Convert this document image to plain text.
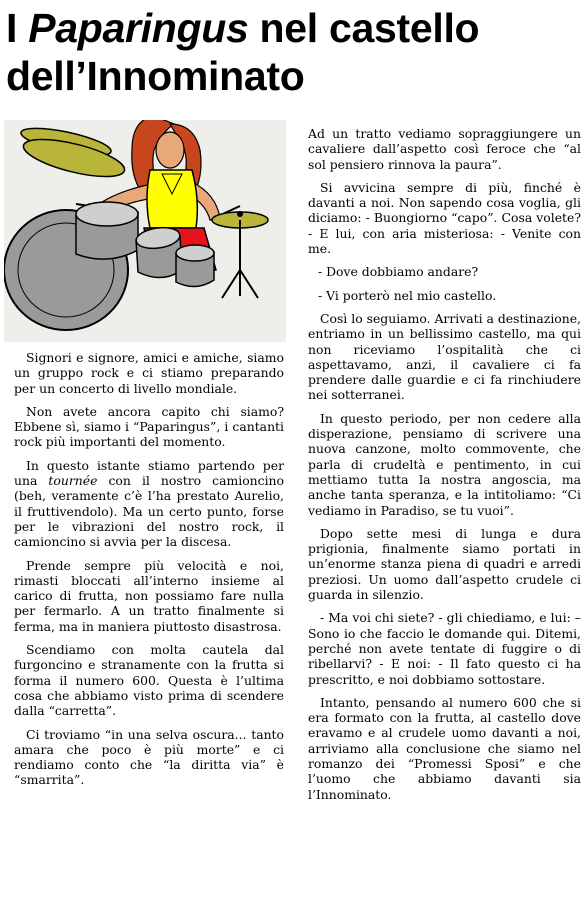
I Paparingus nel castello
dell’Innominato

Signori e signore, amici e amiche, siamo un gruppo rock e ci stiamo preparando per un concerto di livello mondiale.

Non avete ancora capito chi siamo? Ebbene sì, siamo i “Paparingus”, i cantanti rock più importanti del momento.

In questo istante stiamo partendo per una tournée con il nostro camioncino (beh, veramente c’è l’ha prestato Aurelio, il fruttivendolo). Ma un certo punto, forse per le vibrazioni del nostro rock, il camioncino si avvia per la discesa.

Prende sempre più velocità e noi, rimasti bloccati all’interno insieme al carico di frutta, non possiamo fare nulla per fermarlo. A un tratto finalmente si ferma, ma in maniera piuttosto disastrosa.

Scendiamo con molta cautela dal furgoncino e stranamente con la frutta si forma il numero 600. Questa è l’ultima cosa che abbiamo visto prima di scendere dalla “carretta”.

Ci troviamo “in una selva oscura... tanto amara che poco è più morte” e ci rendiamo conto che “la diritta via” è “smarrita”.

Ad un tratto vediamo sopraggiungere un cavaliere dall’aspetto così feroce che “al sol pensiero rinnova la paura”.

Si avvicina sempre di più, finché è davanti a noi. Non sapendo cosa voglia, gli diciamo: - Buongiorno “capo”. Cosa volete? - E lui, con aria misteriosa: - Venite con me.

- Dove dobbiamo andare?

- Vi porterò nel mio castello.

Così lo seguiamo. Arrivati a destinazione, entriamo in un bellissimo castello, ma qui non riceviamo l’ospitalità che ci aspettavamo, anzi, il cavaliere ci fa prendere dalle guardie e ci fa rinchiudere nei sotterranei.

In questo periodo, per non cedere alla disperazione, pensiamo di scrivere una nuova canzone, molto commovente, che parla di crudeltà e pentimento, in cui mettiamo tutta la nostra angoscia, ma anche tanta speranza, e la intitoliamo: “Ci vediamo in Paradiso, se tu vuoi”.

Dopo sette mesi di lunga e dura prigionia, finalmente siamo portati in un’enorme stanza piena di quadri e arredi preziosi. Un uomo dall’aspetto crudele ci guarda in silenzio.

- Ma voi chi siete? - gli chiediamo, e lui: – Sono io che faccio le domande qui. Ditemi, perché non avete tentate di fuggire o di ribellarvi? - E noi: - Il fato questo ci ha prescritto, e noi dobbiamo sottostare.

Intanto, pensando al numero 600 che si era formato con la frutta, al castello dove eravamo e al crudele uomo davanti a noi, arriviamo alla conclusione che siamo nel romanzo dei “Promessi Sposi” e che l’uomo che abbiamo davanti sia l’Innominato.
